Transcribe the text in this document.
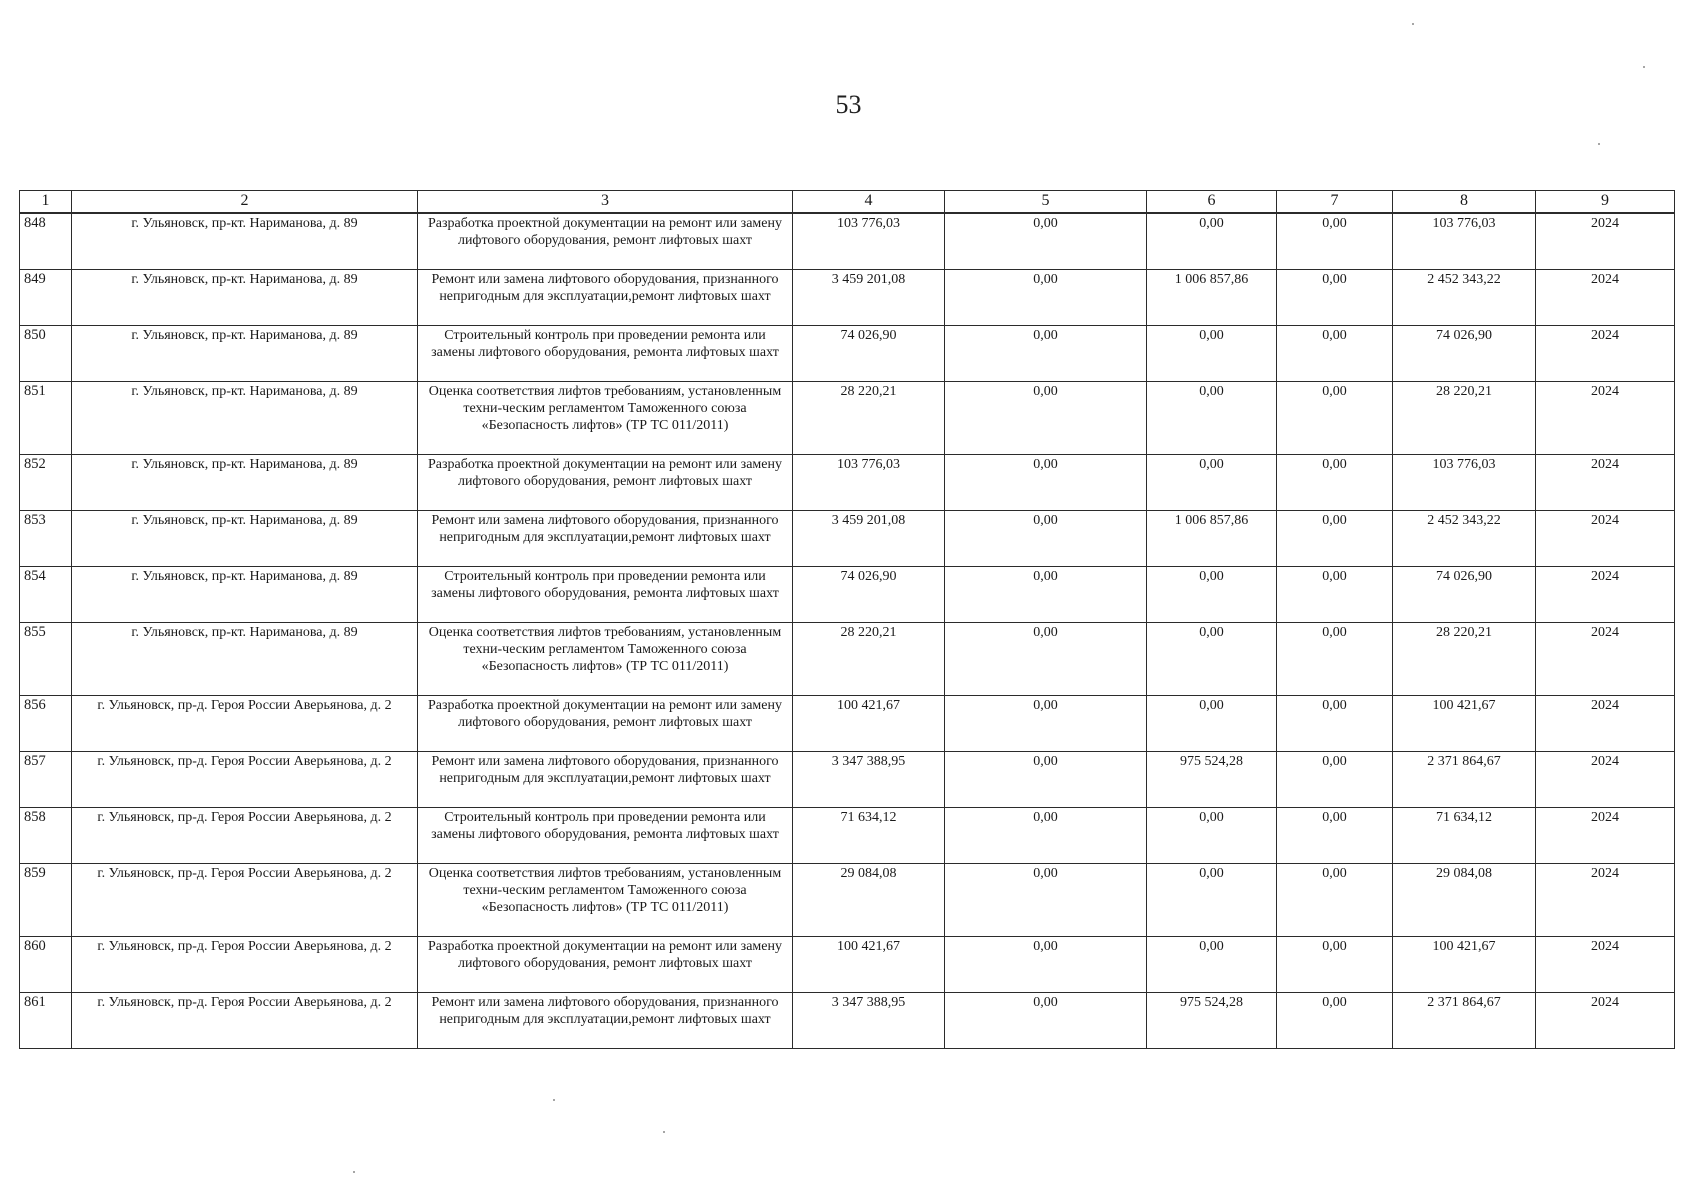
53
1	2	3	4	5	6	7	8	9
848	г. Ульяновск, пр-кт. Нариманова, д. 89	Разработка проектной документации на ремонт или замену лифтового оборудования, ремонт лифтовых шахт	103 776,03	0,00	0,00	0,00	103 776,03	2024
849	г. Ульяновск, пр-кт. Нариманова, д. 89	Ремонт или замена лифтового оборудования, признанного непригодным для эксплуатации,ремонт лифтовых шахт	3 459 201,08	0,00	1 006 857,86	0,00	2 452 343,22	2024
850	г. Ульяновск, пр-кт. Нариманова, д. 89	Строительный контроль при проведении ремонта или замены лифтового оборудования, ремонта лифтовых шахт	74 026,90	0,00	0,00	0,00	74 026,90	2024
851	г. Ульяновск, пр-кт. Нариманова, д. 89	Оценка соответствия лифтов требованиям, установленным техни-ческим регламентом Таможенного союза «Безопасность лифтов» (ТР ТС 011/2011)	28 220,21	0,00	0,00	0,00	28 220,21	2024
852	г. Ульяновск, пр-кт. Нариманова, д. 89	Разработка проектной документации на ремонт или замену лифтового оборудования, ремонт лифтовых шахт	103 776,03	0,00	0,00	0,00	103 776,03	2024
853	г. Ульяновск, пр-кт. Нариманова, д. 89	Ремонт или замена лифтового оборудования, признанного непригодным для эксплуатации,ремонт лифтовых шахт	3 459 201,08	0,00	1 006 857,86	0,00	2 452 343,22	2024
854	г. Ульяновск, пр-кт. Нариманова, д. 89	Строительный контроль при проведении ремонта или замены лифтового оборудования, ремонта лифтовых шахт	74 026,90	0,00	0,00	0,00	74 026,90	2024
855	г. Ульяновск, пр-кт. Нариманова, д. 89	Оценка соответствия лифтов требованиям, установленным техни-ческим регламентом Таможенного союза «Безопасность лифтов» (ТР ТС 011/2011)	28 220,21	0,00	0,00	0,00	28 220,21	2024
856	г. Ульяновск, пр-д. Героя России Аверьянова, д. 2	Разработка проектной документации на ремонт или замену лифтового оборудования, ремонт лифтовых шахт	100 421,67	0,00	0,00	0,00	100 421,67	2024
857	г. Ульяновск, пр-д. Героя России Аверьянова, д. 2	Ремонт или замена лифтового оборудования, признанного непригодным для эксплуатации,ремонт лифтовых шахт	3 347 388,95	0,00	975 524,28	0,00	2 371 864,67	2024
858	г. Ульяновск, пр-д. Героя России Аверьянова, д. 2	Строительный контроль при проведении ремонта или замены лифтового оборудования, ремонта лифтовых шахт	71 634,12	0,00	0,00	0,00	71 634,12	2024
859	г. Ульяновск, пр-д. Героя России Аверьянова, д. 2	Оценка соответствия лифтов требованиям, установленным техни-ческим регламентом Таможенного союза «Безопасность лифтов» (ТР ТС 011/2011)	29 084,08	0,00	0,00	0,00	29 084,08	2024
860	г. Ульяновск, пр-д. Героя России Аверьянова, д. 2	Разработка проектной документации на ремонт или замену лифтового оборудования, ремонт лифтовых шахт	100 421,67	0,00	0,00	0,00	100 421,67	2024
861	г. Ульяновск, пр-д. Героя России Аверьянова, д. 2	Ремонт или замена лифтового оборудования, признанного непригодным для эксплуатации,ремонт лифтовых шахт	3 347 388,95	0,00	975 524,28	0,00	2 371 864,67	2024
